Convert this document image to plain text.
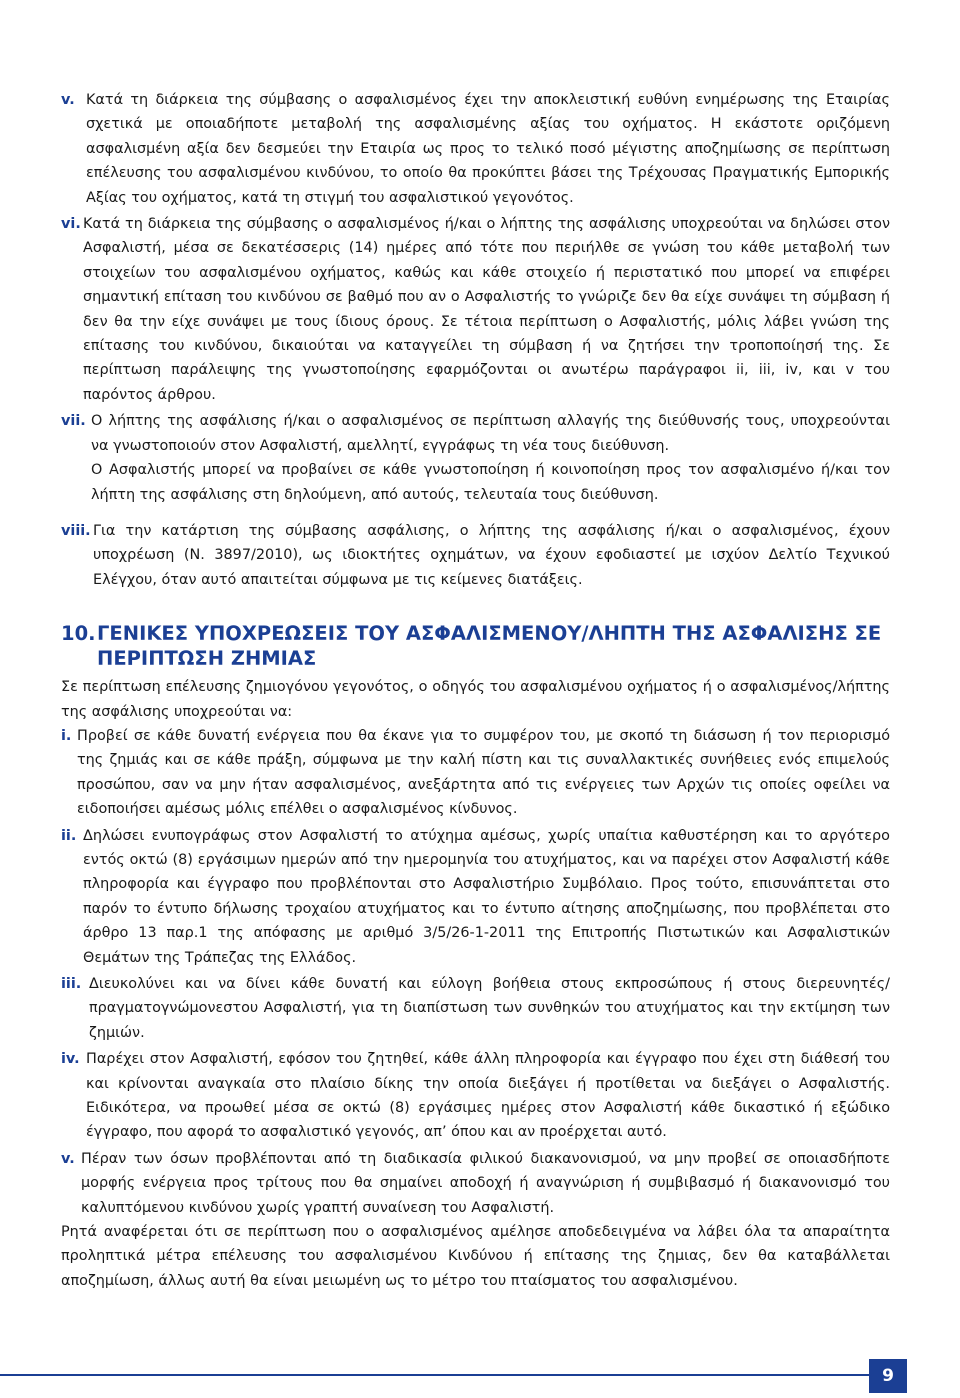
v. Κατά τη διάρκεια της σύμβασης ο ασφαλισμένος έχει την αποκλειστική ευθύνη ενημέρωσης της Εταιρίας σχετικά με οποιαδήποτε μεταβολή της ασφαλισμένης αξίας του οχήματος. Η εκάστοτε οριζόμενη ασφαλισμένη αξία δεν δεσμεύει την Εταιρία ως προς το τελικό ποσό μέγιστης αποζημίωσης σε περίπτωση επέλευσης του ασφαλισμένου κινδύνου, το οποίο θα προκύπτει βάσει της Τρέχουσας Πραγματικής Εμπορικής Αξίας του οχήματος, κατά τη στιγμή του ασφαλιστικού γεγονότος.

vi. Κατά τη διάρκεια της σύμβασης ο ασφαλισμένος ή/και ο λήπτης της ασφάλισης υποχρεούται να δηλώσει στον Ασφαλιστή, μέσα σε δεκατέσσερις (14) ημέρες από τότε που περιήλθε σε γνώση του κάθε μεταβολή των στοιχείων του ασφαλισμένου οχήματος, καθώς και κάθε στοιχείο ή περιστατικό που μπορεί να επιφέρει σημαντική επίταση του κινδύνου σε βαθμό που αν ο Ασφαλιστής το γνώριζε δεν θα είχε συνάψει τη σύμβαση ή δεν θα την είχε συνάψει με τους ίδιους όρους. Σε τέτοια περίπτωση ο Ασφαλιστής, μόλις λάβει γνώση της επίτασης του κινδύνου, δικαιούται να καταγγείλει τη σύμβαση ή να ζητήσει την τροποποίησή της. Σε περίπτωση παράλειψης της γνωστοποίησης εφαρμόζονται οι ανωτέρω παράγραφοι ii, iii, iv, και v του παρόντος άρθρου.

vii. Ο λήπτης της ασφάλισης ή/και ο ασφαλισμένος σε περίπτωση αλλαγής της διεύθυνσής τους, υποχρεούνται να γνωστοποιούν στον Ασφαλιστή, αμελλητί, εγγράφως τη νέα τους διεύθυνση.

Ο Ασφαλιστής μπορεί να προβαίνει σε κάθε γνωστοποίηση ή κοινοποίηση προς τον ασφαλισμένο ή/και τον λήπτη της ασφάλισης στη δηλούμενη, από αυτούς, τελευταία τους διεύθυνση.

viii. Για την κατάρτιση της σύμβασης ασφάλισης, ο λήπτης της ασφάλισης ή/και ο ασφαλισμένος, έχουν υποχρέωση (Ν. 3897/2010), ως ιδιοκτήτες οχημάτων, να έχουν εφοδιαστεί με ισχύον Δελτίο Τεχνικού Ελέγχου, όταν αυτό απαιτείται σύμφωνα με τις κείμενες διατάξεις.

10. ΓΕΝΙΚΕΣ ΥΠΟΧΡΕΩΣΕΙΣ ΤΟΥ ΑΣΦΑΛΙΣΜΕΝΟΥ/ΛΗΠΤΗ ΤΗΣ ΑΣΦΑΛΙΣΗΣ ΣΕ ΠΕΡΙΠΤΩΣΗ ΖΗΜΙΑΣ

Σε περίπτωση επέλευσης ζημιογόνου γεγονότος, ο οδηγός του ασφαλισμένου οχήματος ή ο ασφαλισμένος/λήπτης της ασφάλισης υποχρεούται να:

i. Προβεί σε κάθε δυνατή ενέργεια που θα έκανε για το συμφέρον του, με σκοπό τη διάσωση ή τον περιορισμό της ζημιάς και σε κάθε πράξη, σύμφωνα με την καλή πίστη και τις συναλλακτικές συνήθειες ενός επιμελούς προσώπου, σαν να μην ήταν ασφαλισμένος, ανεξάρτητα από τις ενέργειες των Αρχών τις οποίες οφείλει να ειδοποιήσει αμέσως μόλις επέλθει ο ασφαλισμένος κίνδυνος.

ii. Δηλώσει ενυπογράφως στον Ασφαλιστή το ατύχημα αμέσως, χωρίς υπαίτια καθυστέρηση και το αργότερο εντός οκτώ (8) εργάσιμων ημερών από την ημερομηνία του ατυχήματος, και να παρέχει στον Ασφαλιστή κάθε πληροφορία και έγγραφο που προβλέπονται στο Ασφαλιστήριο Συμβόλαιο. Προς τούτο, επισυνάπτεται στο παρόν το έντυπο δήλωσης τροχαίου ατυχήματος και το έντυπο αίτησης αποζημίωσης, που προβλέπεται στο άρθρο 13 παρ.1 της απόφασης με αριθμό 3/5/26-1-2011 της Επιτροπής Πιστωτικών και Ασφαλιστικών Θεμάτων της Τράπεζας της Ελλάδος.

iii. Διευκολύνει και να δίνει κάθε δυνατή και εύλογη βοήθεια στους εκπροσώπους ή στους διερευνητές/πραγματογνώμονεστου Ασφαλιστή, για τη διαπίστωση των συνθηκών του ατυχήματος και την εκτίμηση των ζημιών.

iv. Παρέχει στον Ασφαλιστή, εφόσον του ζητηθεί, κάθε άλλη πληροφορία και έγγραφο που έχει στη διάθεσή του και κρίνονται αναγκαία στο πλαίσιο δίκης την οποία διεξάγει ή προτίθεται να διεξάγει ο Ασφαλιστής. Ειδικότερα, να προωθεί μέσα σε οκτώ (8) εργάσιμες ημέρες στον Ασφαλιστή κάθε δικαστικό ή εξώδικο έγγραφο, που αφορά το ασφαλιστικό γεγονός, απ’ όπου και αν προέρχεται αυτό.

v. Πέραν των όσων προβλέπονται από τη διαδικασία φιλικού διακανονισμού, να μην προβεί σε οποιασδήποτε μορφής ενέργεια προς τρίτους που θα σημαίνει αποδοχή ή αναγνώριση ή συμβιβασμό ή διακανονισμό του καλυπτόμενου κινδύνου χωρίς γραπτή συναίνεση του Ασφαλιστή.

Ρητά αναφέρεται ότι σε περίπτωση που ο ασφαλισμένος αμέλησε αποδεδειγμένα να λάβει όλα τα απαραίτητα προληπτικά μέτρα επέλευσης του ασφαλισμένου Κινδύνου ή επίτασης της ζημιας, δεν θα καταβάλλεται αποζημίωση, άλλως αυτή θα είναι μειωμένη ως το μέτρο του πταίσματος του ασφαλισμένου.

9
